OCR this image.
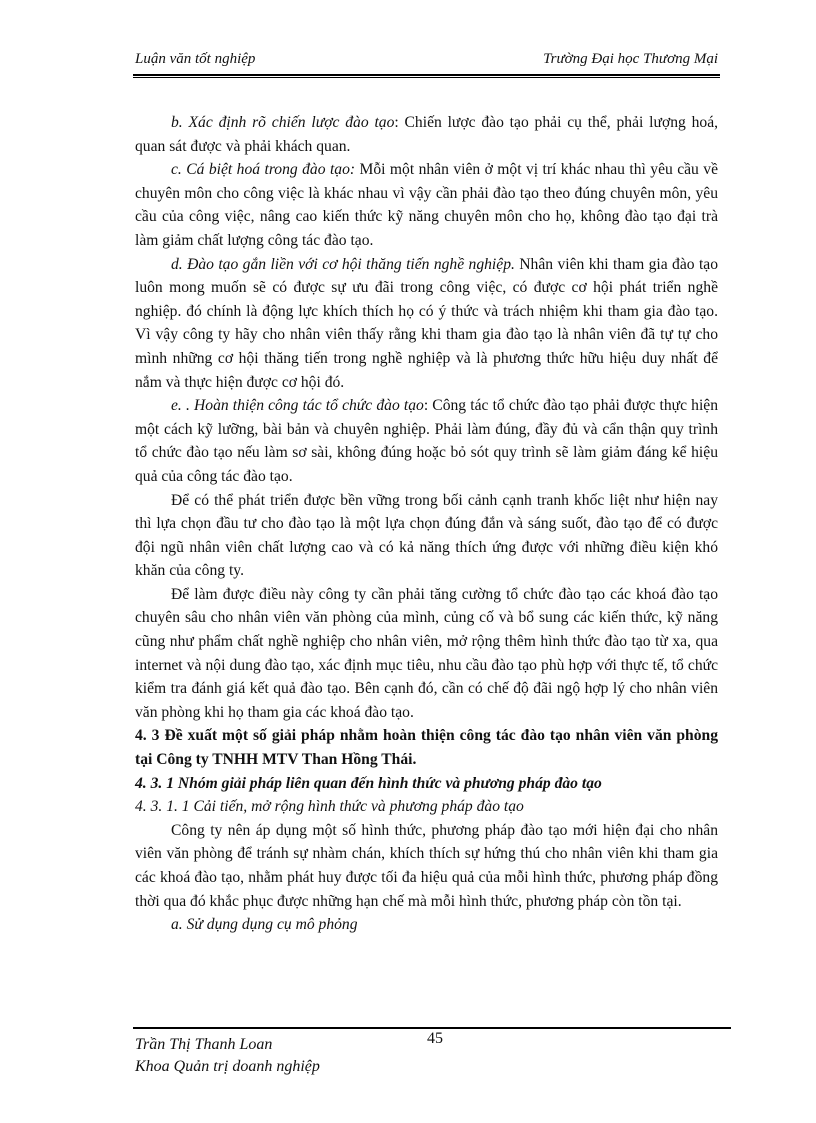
Luận văn tốt nghiệp	Trường Đại học Thương Mại

b. Xác định rõ chiến lược đào tạo: Chiến lược đào tạo phải cụ thể, phải lượng hoá, quan sát được và phải khách quan.

c. Cá biệt hoá trong đào tạo: Mỗi một nhân viên ở một vị trí khác nhau thì yêu cầu về chuyên môn cho công việc là khác nhau vì vậy cần phải đào tạo theo đúng chuyên môn, yêu cầu của công việc, nâng cao kiến thức kỹ năng chuyên môn cho họ, không đào tạo đại trà làm giảm chất lượng công tác đào tạo.

d. Đào tạo gắn liền với cơ hội thăng tiến nghề nghiệp. Nhân viên khi tham gia đào tạo luôn mong muốn sẽ có được sự ưu đãi trong công việc, có được cơ hội phát triển nghề nghiệp. đó chính là động lực khích thích họ có ý thức và trách nhiệm khi tham gia đào tạo. Vì vậy công ty hãy cho nhân viên thấy rằng khi tham gia đào tạo là nhân viên đã tự tự cho mình những cơ hội thăng tiến trong nghề nghiệp và là phương thức hữu hiệu duy nhất để nắm và thực hiện được cơ hội đó.

e. . Hoàn thiện công tác tổ chức đào tạo: Công tác tổ chức đào tạo phải được thực hiện một cách kỹ lưỡng, bài bản và chuyên nghiệp. Phải làm đúng, đầy đủ và cẩn thận quy trình tổ chức đào tạo nếu làm sơ sài, không đúng hoặc bỏ sót quy trình sẽ làm giảm đáng kể hiệu quả của công tác đào tạo.

Để có thể phát triển được bền vững trong bối cảnh cạnh tranh khốc liệt như hiện nay thì lựa chọn đầu tư cho đào tạo là một lựa chọn đúng đắn và sáng suốt, đào tạo để có được đội ngũ nhân viên chất lượng cao và có kả năng thích ứng được với những điều kiện khó khăn của công ty.

Để làm được điều này công ty cần phải tăng cường tổ chức đào tạo các khoá đào tạo chuyên sâu cho nhân viên văn phòng của mình, củng cố và bổ sung các kiến thức, kỹ năng cũng như phẩm chất nghề nghiệp cho nhân viên, mở rộng thêm hình thức đào tạo từ xa, qua internet và nội dung đào tạo, xác định mục tiêu, nhu cầu đào tạo phù hợp với thực tế, tổ chức kiểm tra đánh giá kết quả đào tạo. Bên cạnh đó, cần có chế độ đãi ngộ hợp lý cho nhân viên văn phòng khi họ tham gia các khoá đào tạo.

4. 3 Đề xuất một số giải pháp nhằm hoàn thiện công tác đào tạo nhân viên văn phòng tại Công ty TNHH MTV Than Hồng Thái.

4. 3. 1 Nhóm giải pháp liên quan đến hình thức và phương pháp đào tạo

4. 3. 1. 1 Cải tiến, mở rộng hình thức và phương pháp đào tạo

Công ty nên áp dụng một số hình thức, phương pháp đào tạo mới hiện đại cho nhân viên văn phòng để tránh sự nhàm chán, khích thích sự hứng thú cho nhân viên khi tham gia các khoá đào tạo, nhằm phát huy được tối đa hiệu quả của mỗi hình thức, phương pháp đồng thời qua đó khắc phục được những hạn chế mà mỗi hình thức, phương pháp còn tồn tại.

a. Sử dụng dụng cụ mô phỏng

Trần Thị Thanh Loan
Khoa Quản trị doanh nghiệp
45
